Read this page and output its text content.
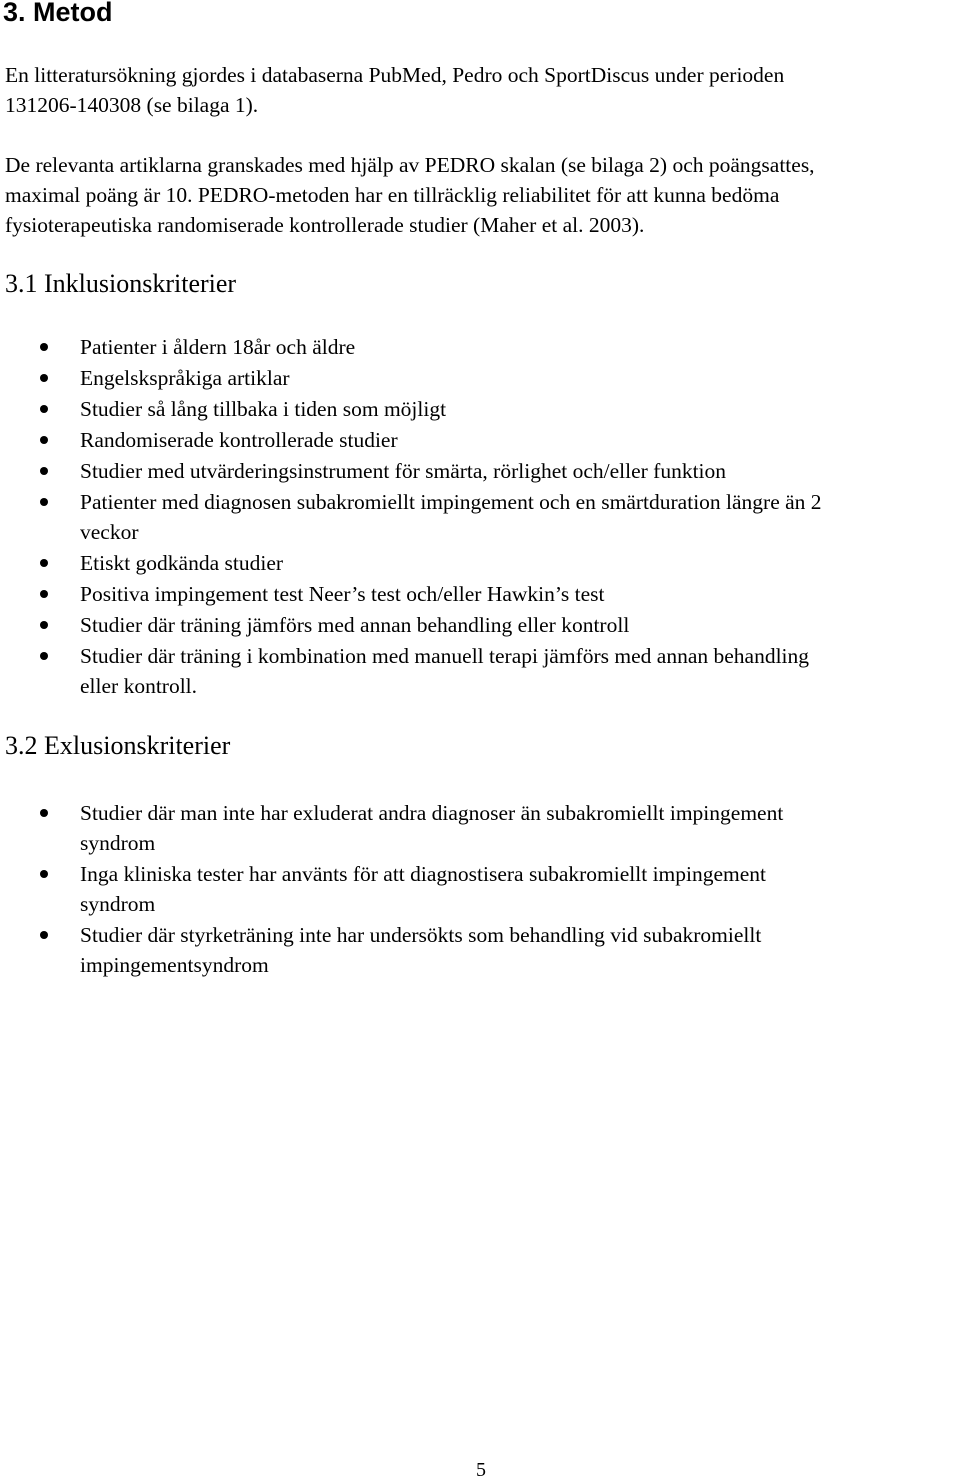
3. Metod

En litteratursökning gjordes i databaserna PubMed, Pedro och SportDiscus under perioden
131206-140308 (se bilaga 1).

De relevanta artiklarna granskades med hjälp av PEDRO skalan (se bilaga 2) och poängsattes,
maximal poäng är 10. PEDRO-metoden har en tillräcklig reliabilitet för att kunna bedöma
fysioterapeutiska randomiserade kontrollerade studier (Maher et al. 2003).

3.1 Inklusionskriterier
Patienter i åldern 18år och äldre
Engelskspråkiga artiklar
Studier så lång tillbaka i tiden som möjligt
Randomiserade kontrollerade studier
Studier med utvärderingsinstrument för smärta, rörlighet och/eller funktion
Patienter med diagnosen subakromiellt impingement och en smärtduration längre än 2
veckor
Etiskt godkända studier
Positiva impingement test Neer’s test och/eller Hawkin’s test
Studier där träning jämförs med annan behandling eller kontroll
Studier där träning i kombination med manuell terapi jämförs med annan behandling
eller kontroll.
3.2 Exlusionskriterier
Studier där man inte har exluderat andra diagnoser än subakromiellt impingement
syndrom
Inga kliniska tester har använts för att diagnostisera subakromiellt impingement
syndrom
Studier där styrketräning inte har undersökts som behandling vid subakromiellt
impingementsyndrom
5
